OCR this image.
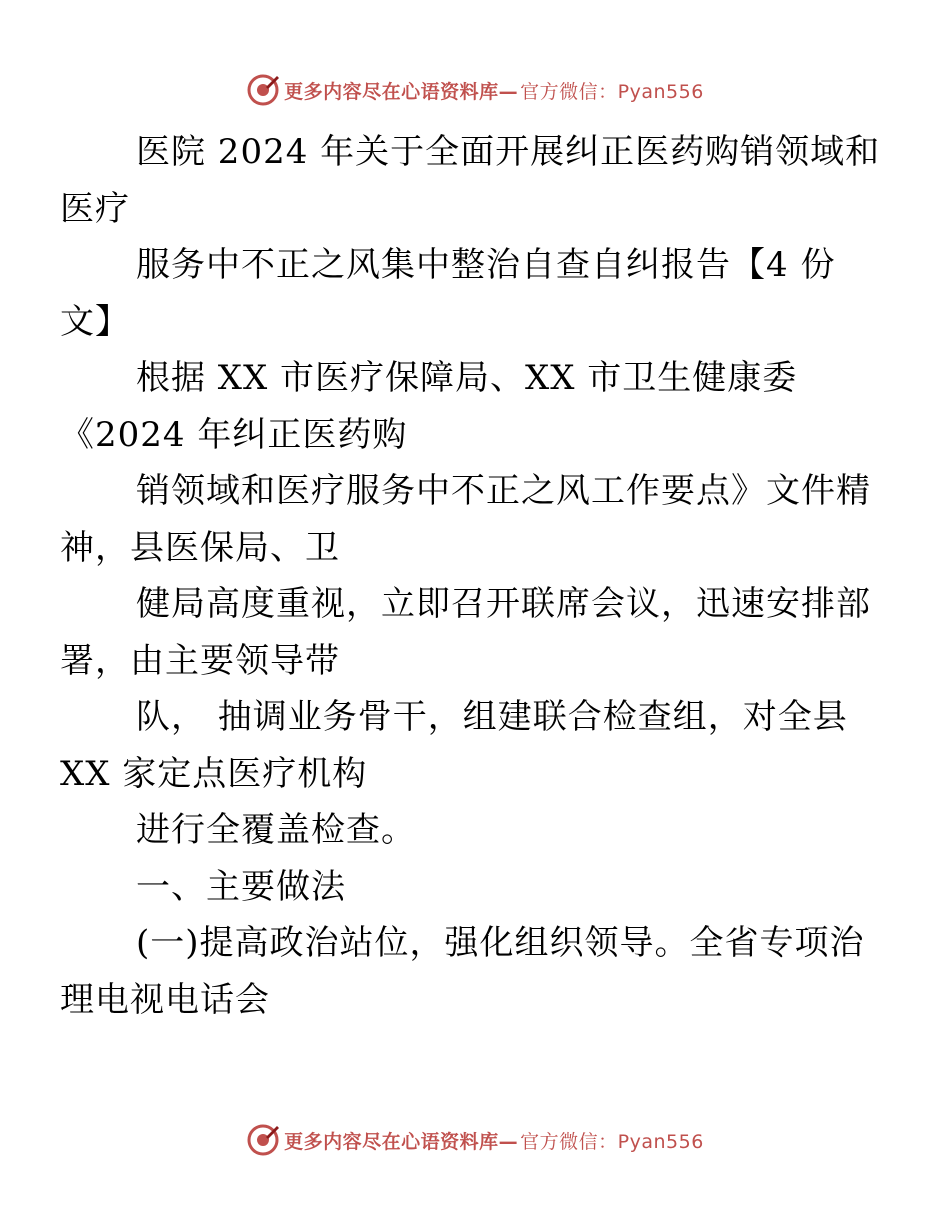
更多内容尽在心语资料库— 官方微信：Pyan556

医院 2024 年关于全面开展纠正医药购销领域和
医疗

服务中不正之风集中整治自查自纠报告【4 份
文】

根据 XX 市医疗保障局、XX 市卫生健康委
《2024 年纠正医药购

销领域和医疗服务中不正之风工作要点》文件精
神，县医保局、卫

健局高度重视，立即召开联席会议，迅速安排部
署，由主要领导带

队， 抽调业务骨干，组建联合检查组，对全县
XX 家定点医疗机构

进行全覆盖检查。

一、主要做法

(一)提高政治站位，强化组织领导。全省专项治
理电视电话会

更多内容尽在心语资料库— 官方微信：Pyan556
